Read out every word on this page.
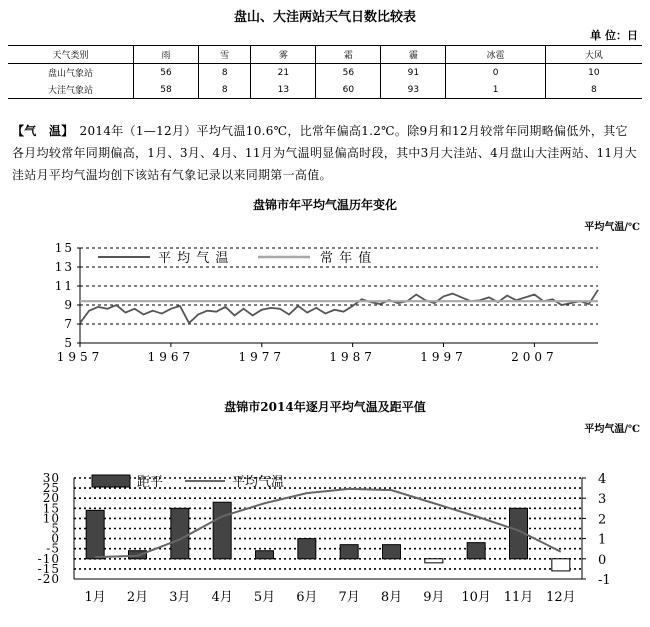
盘山、大洼两站天气日数比较表
单 位：日
天气类别	雨	雪	雾	霜	霾	冰雹	大风
盘山气象站	56	8	21	56	91	0	10
大洼气象站	58	8	13	60	93	1	8
【气　温】 2014年（1—12月）平均气温10.6℃，比常年偏高1.2℃。除9月和12月较常年同期略偏低外，其它各月均较常年同期偏高，1月、3月、4月、11月为气温明显偏高时段，其中3月大洼站、4月盘山大洼两站、11月大洼站月平均气温均创下该站有气象记录以来同期第一高值。
盘锦市年平均气温历年变化
平均气温/℃
15
13
11
9
7
5
1957	1967	1977	1987	1997	2007
平 均 气 温	常 年 值
盘锦市2014年逐月平均气温及距平值
平均气温/℃
30
25
20
15
10
5
0
-5
-10
-15
-20
4
3
2
1
0
-1
1月 2月 3月 4月 5月 6月 7月 8月 9月 10月 11月 12月
距平	平均气温
